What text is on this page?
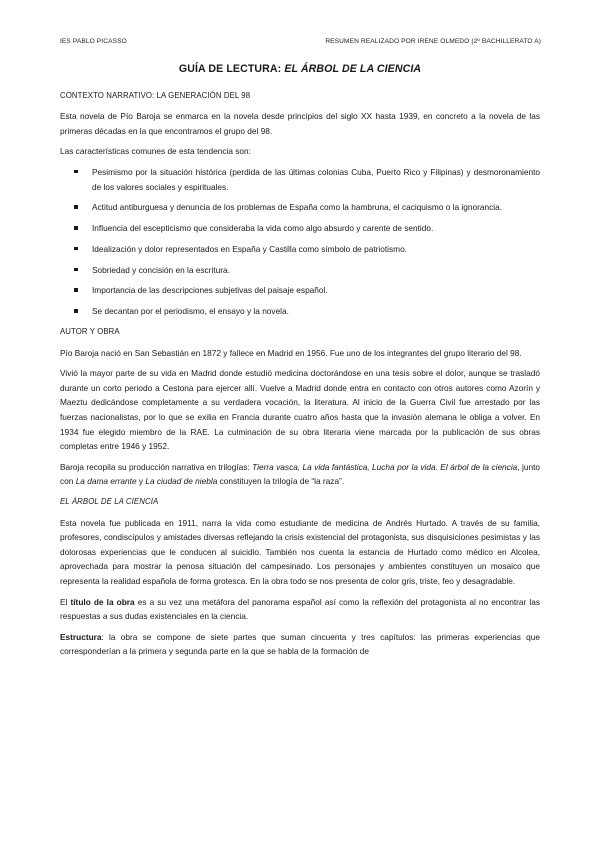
IES PABLO PICASSO	RESUMEN REALIZADO POR IRENE OLMEDO (2º BACHILLERATO A)
GUÍA DE LECTURA: EL ÁRBOL DE LA CIENCIA
CONTEXTO NARRATIVO: LA GENERACIÓN DEL 98

Esta novela de Pío Baroja se enmarca en la novela desde principios del siglo XX hasta 1939, en concreto a la novela de las primeras décadas en la que encontramos el grupo del 98.

Las características comunes de esta tendencia son:

Pesimismo por la situación histórica (perdida de las últimas colonias Cuba, Puerto Rico y Filipinas) y desmoronamiento de los valores sociales y espirituales.
Actitud antiburguesa y denuncia de los problemas de España como la hambruna, el caciquismo o la ignorancia.
Influencia del escepticismo que consideraba la vida como algo absurdo y carente de sentido.
Idealización y dolor representados en España y Castilla como símbolo de patriotismo.
Sobriedad y concisión en la escritura.
Importancia de las descripciones subjetivas del paisaje español.
Se decantan por el periodismo, el ensayo y la novela.
AUTOR Y OBRA

Pío Baroja nació en San Sebastián en 1872 y fallece en Madrid en 1956. Fue uno de los integrantes del grupo literario del 98.

Vivió la mayor parte de su vida en Madrid donde estudió medicina doctorándose en una tesis sobre el dolor, aunque se trasladó durante un corto periodo a Cestona para ejercer allí. Vuelve a Madrid donde entra en contacto con otros autores como Azorín y Maeztu dedicándose completamente a su verdadera vocación, la literatura. Al inicio de la Guerra Civil fue arrestado por las fuerzas nacionalistas, por lo que se exilia en Francia durante cuatro años hasta que la invasión alemana le obliga a volver. En 1934 fue elegido miembro de la RAE. La culminación de su obra literaria viene marcada por la publicación de sus obras completas entre 1946 y 1952.

Baroja recopila su producción narrativa en trilogías: Tierra vasca, La vida fantástica, Lucha por la vida. El árbol de la ciencia, junto con La dama errante y La ciudad de niebla constituyen la trilogía de “la raza”.

EL ÁRBOL DE LA CIENCIA

Esta novela fue publicada en 1911, narra la vida como estudiante de medicina de Andrés Hurtado. A través de su familia, profesores, condiscípulos y amistades diversas reflejando la crisis existencial del protagonista, sus disquisiciones pesimistas y las dolorosas experiencias que le conducen al suicidio. También nos cuenta la estancia de Hurtado como médico en Alcolea, aprovechada para mostrar la penosa situación del campesinado. Los personajes y ambientes constituyen un mosaico que representa la realidad española de forma grotesca. En la obra todo se nos presenta de color gris, triste, feo y desagradable.

El título de la obra es a su vez una metáfora del panorama español así como la reflexión del protagonista al no encontrar las respuestas a sus dudas existenciales en la ciencia.

Estructura: la obra se compone de siete partes que suman cincuenta y tres capítulos: las primeras experiencias que corresponderían a la primera y segunda parte en la que se habla de la formación de
